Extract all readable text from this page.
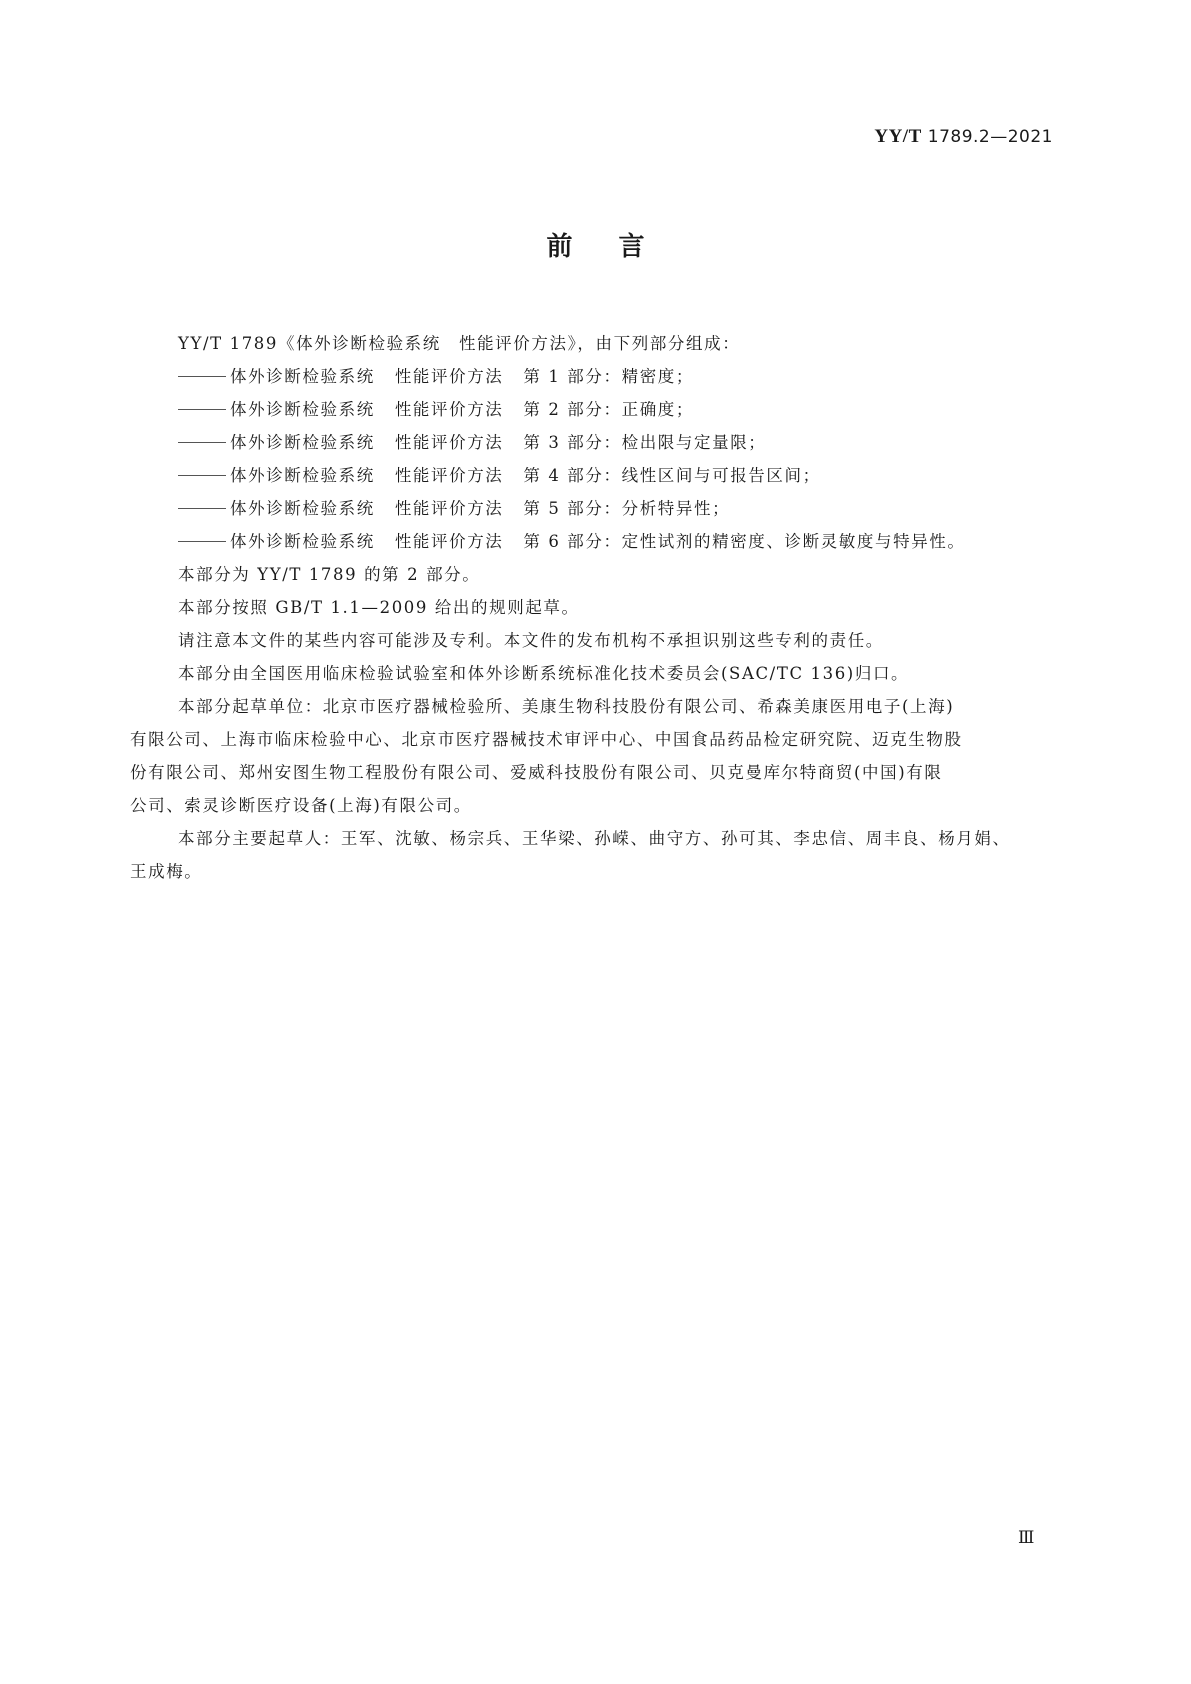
YY/T 1789.2—2021
前言
YY/T 1789《体外诊断检验系统　性能评价方法》，由下列部分组成：
体外诊断检验系统 性能评价方法 第 1 部分：精密度；
体外诊断检验系统 性能评价方法 第 2 部分：正确度；
体外诊断检验系统 性能评价方法 第 3 部分：检出限与定量限；
体外诊断检验系统 性能评价方法 第 4 部分：线性区间与可报告区间；
体外诊断检验系统 性能评价方法 第 5 部分：分析特异性；
体外诊断检验系统 性能评价方法 第 6 部分：定性试剂的精密度、诊断灵敏度与特异性。
本部分为 YY/T 1789 的第 2 部分。
本部分按照 GB/T 1.1—2009 给出的规则起草。
请注意本文件的某些内容可能涉及专利。本文件的发布机构不承担识别这些专利的责任。
本部分由全国医用临床检验试验室和体外诊断系统标准化技术委员会(SAC/TC 136)归口。
本部分起草单位：北京市医疗器械检验所、美康生物科技股份有限公司、希森美康医用电子(上海)
有限公司、上海市临床检验中心、北京市医疗器械技术审评中心、中国食品药品检定研究院、迈克生物股
份有限公司、郑州安图生物工程股份有限公司、爱威科技股份有限公司、贝克曼库尔特商贸(中国)有限
公司、索灵诊断医疗设备(上海)有限公司。
本部分主要起草人：王军、沈敏、杨宗兵、王华梁、孙嵘、曲守方、孙可其、李忠信、周丰良、杨月娟、
王成梅。
Ⅲ
